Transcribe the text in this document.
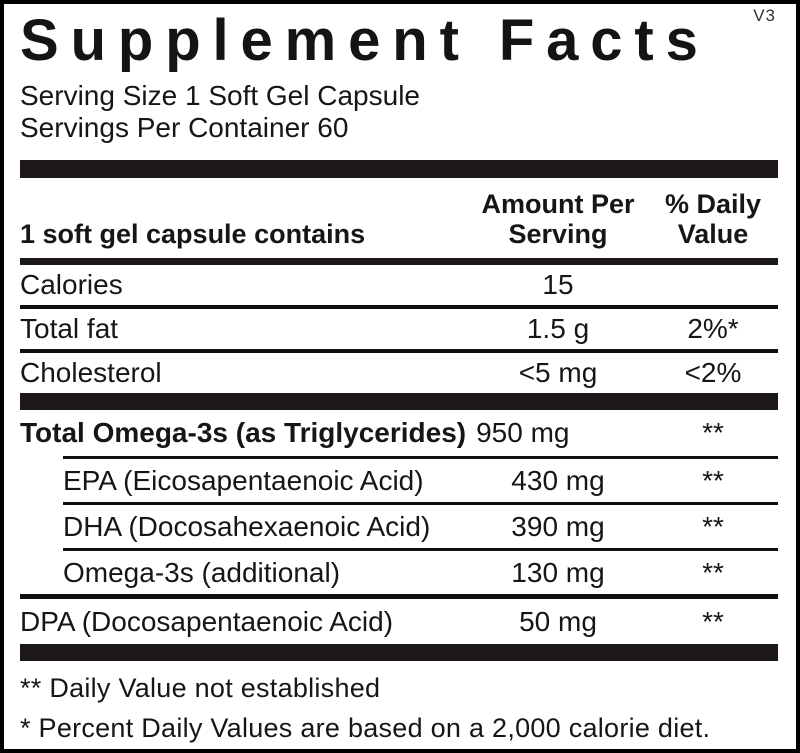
V3
Supplement Facts
Serving Size 1 Soft Gel Capsule
Servings Per Container 60
1 soft gel capsule contains
Amount Per
Serving
% Daily
Value
Calories	15
Total fat	1.5 g	2%*
Cholesterol	<5 mg	<2%
Total Omega-3s (as Triglycerides) 950 mg	**
EPA (Eicosapentaenoic Acid)	430 mg	**
DHA (Docosahexaenoic Acid)	390 mg	**
Omega-3s (additional)	130 mg	**
DPA (Docosapentaenoic Acid)	50 mg	**
** Daily Value not established
* Percent Daily Values are based on a 2,000 calorie diet.
